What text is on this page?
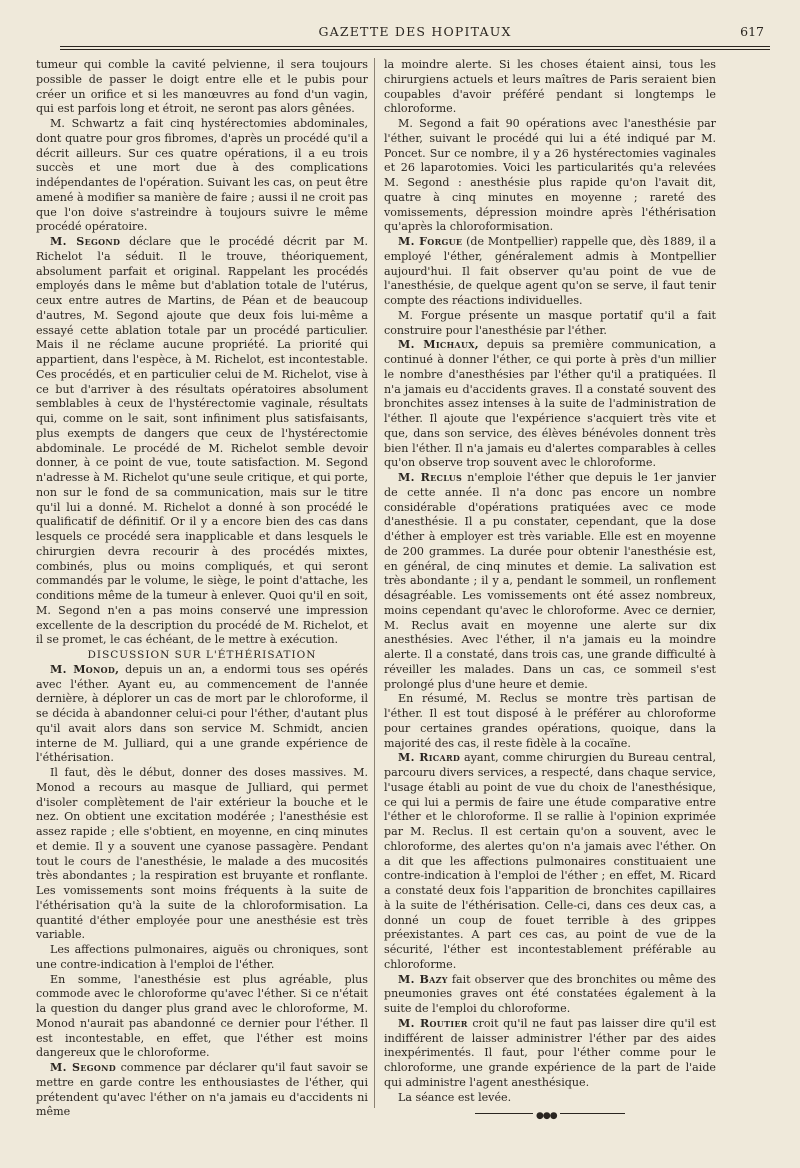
GAZETTE DES HOPITAUX	617

tumeur qui comble la cavité pelvienne, il sera toujours possible de passer le doigt entre elle et le pubis pour créer un orifice et si les manœuvres au fond d'un vagin, qui est parfois long et étroit, ne seront pas alors gênées.

M. Schwartz a fait cinq hystérectomies abdominales, dont quatre pour gros fibromes, d'après un procédé qu'il a décrit ailleurs. Sur ces quatre opérations, il a eu trois succès et une mort due à des complications indépendantes de l'opération. Suivant les cas, on peut être amené à modifier sa manière de faire ; aussi il ne croit pas que l'on doive s'astreindre à toujours suivre le même procédé opératoire.

M. Segond déclare que le procédé décrit par M. Richelot l'a séduit. Il le trouve, théoriquement, absolument parfait et original. Rappelant les procédés employés dans le même but d'ablation totale de l'utérus, ceux entre autres de Martins, de Péan et de beaucoup d'autres, M. Segond ajoute que deux fois lui-même a essayé cette ablation totale par un procédé particulier. Mais il ne réclame aucune propriété. La priorité qui appartient, dans l'espèce, à M. Richelot, est incontestable. Ces procédés, et en particulier celui de M. Richelot, vise à ce but d'arriver à des résultats opératoires absolument semblables à ceux de l'hystérectomie vaginale, résultats qui, comme on le sait, sont infiniment plus satisfaisants, plus exempts de dangers que ceux de l'hystérectomie abdominale. Le procédé de M. Richelot semble devoir donner, à ce point de vue, toute satisfaction. M. Segond n'adresse à M. Richelot qu'une seule critique, et qui porte, non sur le fond de sa communication, mais sur le titre qu'il lui a donné. M. Richelot a donné à son procédé le qualificatif de définitif. Or il y a encore bien des cas dans lesquels ce procédé sera inapplicable et dans lesquels le chirurgien devra recourir à des procédés mixtes, combinés, plus ou moins compliqués, et qui seront commandés par le volume, le siège, le point d'attache, les conditions même de la tumeur à enlever. Quoi qu'il en soit, M. Segond n'en a pas moins conservé une impression excellente de la description du procédé de M. Richelot, et il se promet, le cas échéant, de le mettre à exécution.

DISCUSSION SUR L'ÉTHÉRISATION

M. Monod, depuis un an, a endormi tous ses opérés avec l'éther. Ayant eu, au commencement de l'année dernière, à déplorer un cas de mort par le chloroforme, il se décida à abandonner celui-ci pour l'éther, d'autant plus qu'il avait alors dans son service M. Schmidt, ancien interne de M. Julliard, qui a une grande expérience de l'éthérisation.

Il faut, dès le début, donner des doses massives. M. Monod a recours au masque de Julliard, qui permet d'isoler complètement de l'air extérieur la bouche et le nez. On obtient une excitation modérée ; l'anesthésie est assez rapide ; elle s'obtient, en moyenne, en cinq minutes et demie. Il y a souvent une cyanose passagère. Pendant tout le cours de l'anesthésie, le malade a des mucosités très abondantes ; la respiration est bruyante et ronflante. Les vomissements sont moins fréquents à la suite de l'éthérisation qu'à la suite de la chloroformisation. La quantité d'éther employée pour une anesthésie est très variable.

Les affections pulmonaires, aiguës ou chroniques, sont une contre-indication à l'emploi de l'éther.

En somme, l'anesthésie est plus agréable, plus commode avec le chloroforme qu'avec l'éther. Si ce n'était la question du danger plus grand avec le chloroforme, M. Monod n'aurait pas abandonné ce dernier pour l'éther. Il est incontestable, en effet, que l'éther est moins dangereux que le chloroforme.

M. Segond commence par déclarer qu'il faut savoir se mettre en garde contre les enthousiastes de l'éther, qui prétendent qu'avec l'éther on n'a jamais eu d'accidents ni même

la moindre alerte. Si les choses étaient ainsi, tous les chirurgiens actuels et leurs maîtres de Paris seraient bien coupables d'avoir préféré pendant si longtemps le chloroforme.

M. Segond a fait 90 opérations avec l'anesthésie par l'éther, suivant le procédé qui lui a été indiqué par M. Poncet. Sur ce nombre, il y a 26 hystérectomies vaginales et 26 laparotomies. Voici les particularités qu'a relevées M. Segond : anesthésie plus rapide qu'on l'avait dit, quatre à cinq minutes en moyenne ; rareté des vomissements, dépression moindre après l'éthérisation qu'après la chloroformisation.

M. Forgue (de Montpellier) rappelle que, dès 1889, il a employé l'éther, généralement admis à Montpellier aujourd'hui. Il fait observer qu'au point de vue de l'anesthésie, de quelque agent qu'on se serve, il faut tenir compte des réactions individuelles.

M. Forgue présente un masque portatif qu'il a fait construire pour l'anesthésie par l'éther.

M. Michaux, depuis sa première communication, a continué à donner l'éther, ce qui porte à près d'un millier le nombre d'anesthésies par l'éther qu'il a pratiquées. Il n'a jamais eu d'accidents graves. Il a constaté souvent des bronchites assez intenses à la suite de l'administration de l'éther. Il ajoute que l'expérience s'acquiert très vite et que, dans son service, des élèves bénévoles donnent très bien l'éther. Il n'a jamais eu d'alertes comparables à celles qu'on observe trop souvent avec le chloroforme.

M. Reclus n'emploie l'éther que depuis le 1er janvier de cette année. Il n'a donc pas encore un nombre considérable d'opérations pratiquées avec ce mode d'anesthésie. Il a pu constater, cependant, que la dose d'éther à employer est très variable. Elle est en moyenne de 200 grammes. La durée pour obtenir l'anesthésie est, en général, de cinq minutes et demie. La salivation est très abondante ; il y a, pendant le sommeil, un ronflement désagréable. Les vomissements ont été assez nombreux, moins cependant qu'avec le chloroforme. Avec ce dernier, M. Reclus avait en moyenne une alerte sur dix anesthésies. Avec l'éther, il n'a jamais eu la moindre alerte. Il a constaté, dans trois cas, une grande difficulté à réveiller les malades. Dans un cas, ce sommeil s'est prolongé plus d'une heure et demie.

En résumé, M. Reclus se montre très partisan de l'éther. Il est tout disposé à le préférer au chloroforme pour certaines grandes opérations, quoique, dans la majorité des cas, il reste fidèle à la cocaïne.

M. Ricard ayant, comme chirurgien du Bureau central, parcouru divers services, a respecté, dans chaque service, l'usage établi au point de vue du choix de l'anesthésique, ce qui lui a permis de faire une étude comparative entre l'éther et le chloroforme. Il se rallie à l'opinion exprimée par M. Reclus. Il est certain qu'on a souvent, avec le chloroforme, des alertes qu'on n'a jamais avec l'éther. On a dit que les affections pulmonaires constituaient une contre-indication à l'emploi de l'éther ; en effet, M. Ricard a constaté deux fois l'apparition de bronchites capillaires à la suite de l'éthérisation. Celle-ci, dans ces deux cas, a donné un coup de fouet terrible à des grippes préexistantes. A part ces cas, au point de vue de la sécurité, l'éther est incontestablement préférable au chloroforme.

M. Bazy fait observer que des bronchites ou même des pneumonies graves ont été constatées également à la suite de l'emploi du chloroforme.

M. Routier croit qu'il ne faut pas laisser dire qu'il est indifférent de laisser administrer l'éther par des aides inexpérimentés. Il faut, pour l'éther comme pour le chloroforme, une grande expérience de la part de l'aide qui administre l'agent anesthésique.

La séance est levée.

●●●
